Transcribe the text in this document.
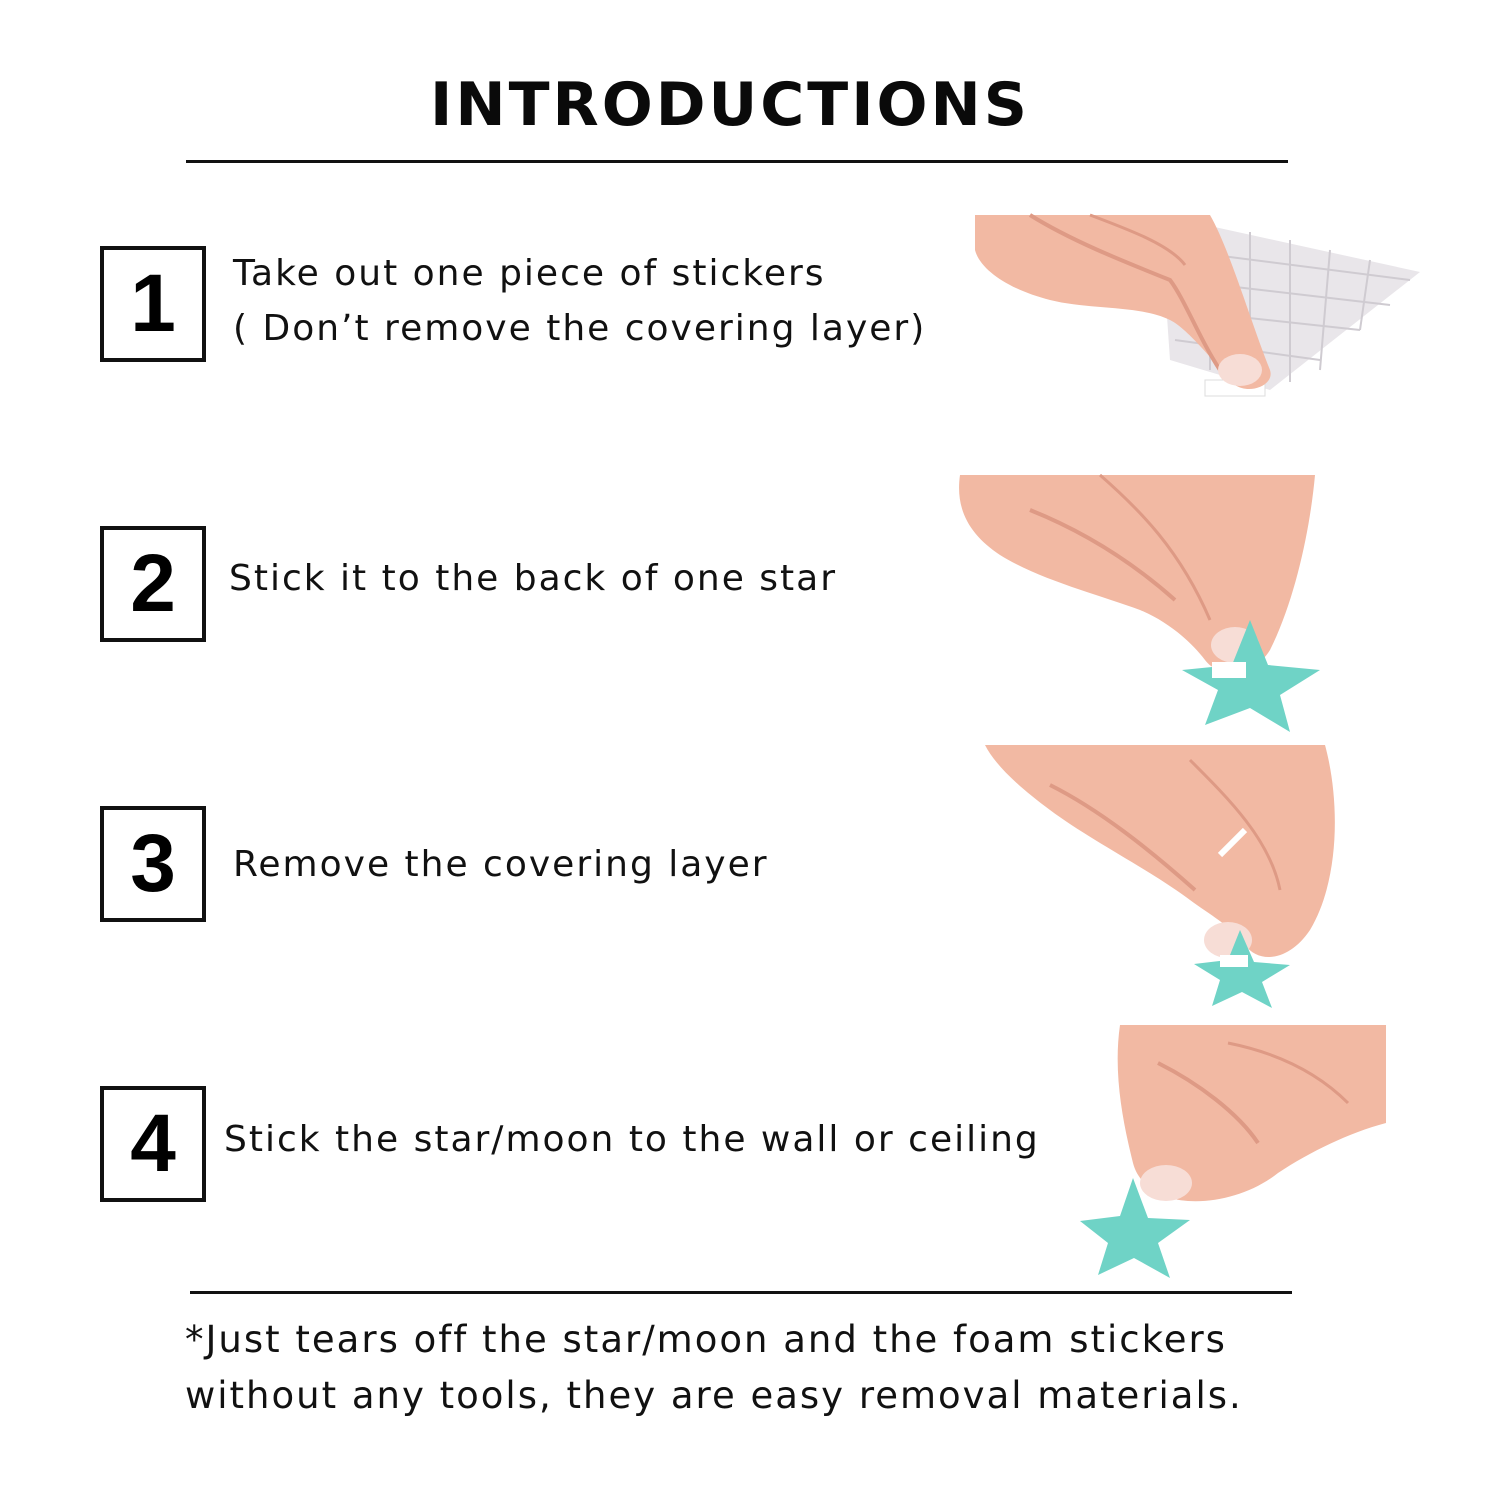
INTRODUCTIONS
1	Take out one piece of stickers
( Don’t remove the covering layer)
2	Stick it to the back of one star
3	Remove the covering layer
4	Stick the star/moon to the wall or ceiling
*Just tears off the star/moon and the foam stickers
without any tools, they are easy removal materials.
